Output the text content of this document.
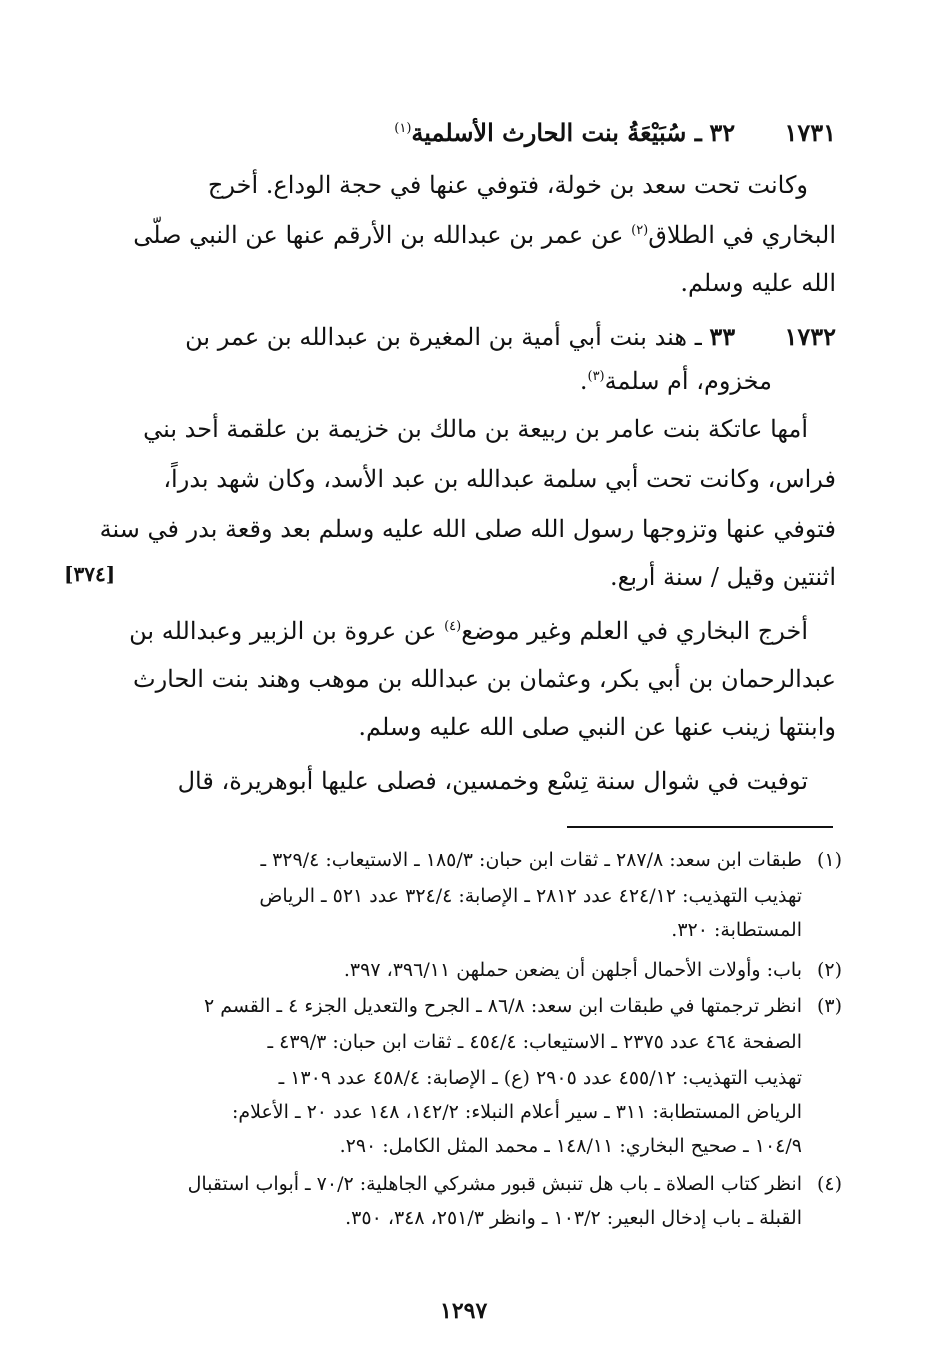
١٧٣١  ٣٢ ـ سُبَيْعَةُ بنت الحارث الأسلمية$^{(١)}$
وكانت تحت سعد بن خولة، فتوفي عنها في حجة الوداع. أخرج
البخاري في الطلاق$^{(٢)}$ عن عمر بن عبدالله بن الأرقم عنها عن النبي صلّى
الله عليه وسلم.
١٧٣٢  ٣٣ ـ هند بنت أبي أمية بن المغيرة بن عبدالله بن عمر بن
مخزوم، أم سلمة$^{(٣)}$.
أمها عاتكة بنت عامر بن ربيعة بن مالك بن خزيمة بن علقمة أحد بني
فراس، وكانت تحت أبي سلمة عبدالله بن عبد الأسد، وكان شهد بدراً،
فتوفي عنها وتزوجها رسول الله صلى الله عليه وسلم بعد وقعة بدر في سنة
اثنتين وقيل / سنة أربع.
[٣٧٤]
أخرج البخاري في العلم وغير موضع$^{(٤)}$ عن عروة بن الزبير وعبدالله بن
عبدالرحمان بن أبي بكر، وعثمان بن عبدالله بن موهب وهند بنت الحارث
وابنتها زينب عنها عن النبي صلى الله عليه وسلم.
توفيت في شوال سنة تِسْع وخمسين، فصلى عليها أبوهريرة، قال
(١)
طبقات ابن سعد: ٢٨٧/٨ ـ ثقات ابن حبان: ١٨٥/٣ ـ الاستيعاب: ٣٢٩/٤ ـ
تهذيب التهذيب: ٤٢٤/١٢ عدد ٢٨١٢ ـ الإصابة: ٣٢٤/٤ عدد ٥٢١ ـ الرياض
المستطابة: ٣٢٠.
(٢)
باب: وأولات الأحمال أجلهن أن يضعن حملهن ٣٩٦/١١، ٣٩٧.
(٣)
انظر ترجمتها في طبقات ابن سعد: ٨٦/٨ ـ الجرح والتعديل الجزء ٤ ـ القسم ٢
الصفحة ٤٦٤ عدد ٢٣٧٥ ـ الاستيعاب: ٤٥٤/٤ ـ ثقات ابن حبان: ٤٣٩/٣ ـ
تهذيب التهذيب: ٤٥٥/١٢ عدد ٢٩٠٥ (ع) ـ الإصابة: ٤٥٨/٤ عدد ١٣٠٩ ـ
الرياض المستطابة: ٣١١ ـ سير أعلام النبلاء: ١٤٢/٢، ١٤٨ عدد ٢٠ ـ الأعلام:
١٠٤/٩ ـ صحيح البخاري: ١٤٨/١١ ـ محمد المثل الكامل: ٢٩٠.
(٤)
انظر كتاب الصلاة ـ باب هل تنبش قبور مشركي الجاهلية: ٧٠/٢ ـ أبواب استقبال
القبلة ـ باب إدخال البعير: ١٠٣/٢ ـ وانظر ٢٥١/٣، ٣٤٨، ٣٥٠.
١٢٩٧
